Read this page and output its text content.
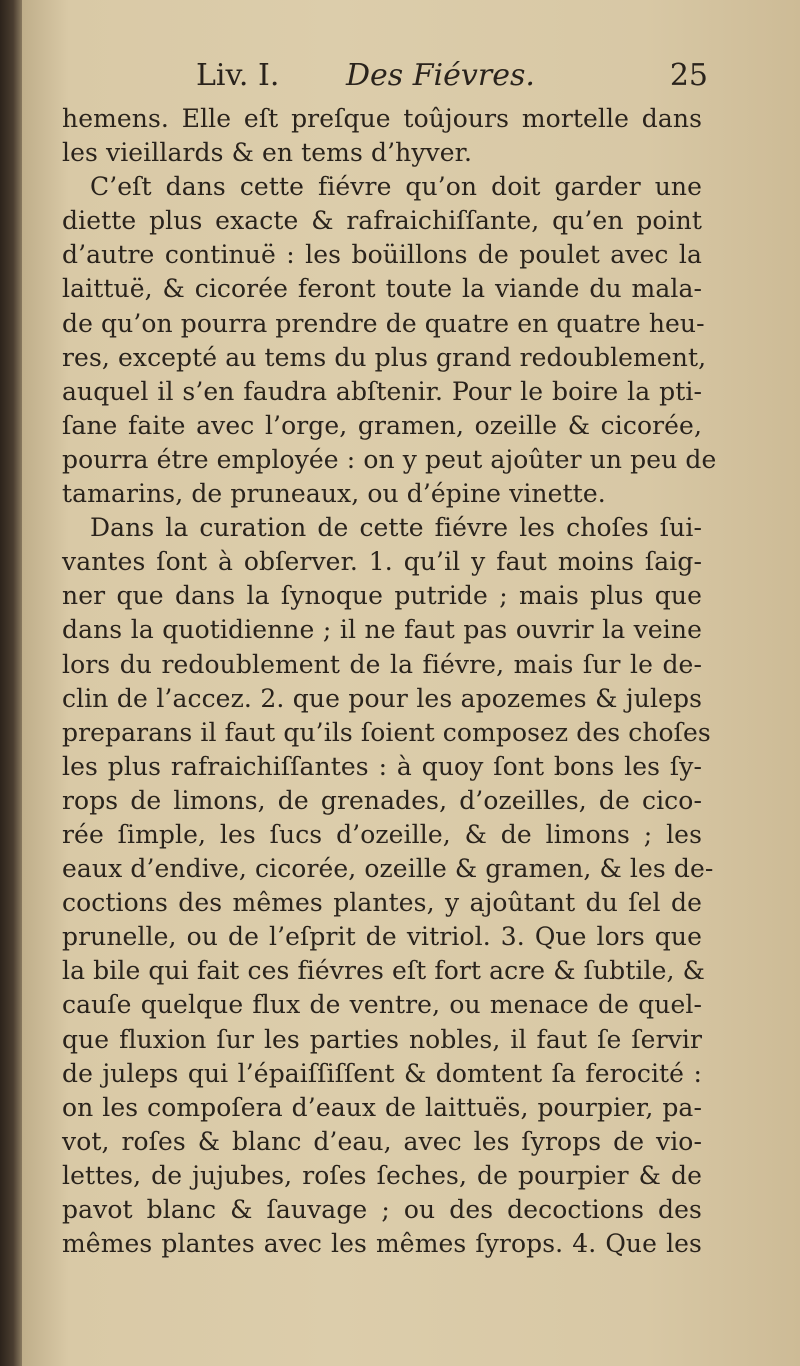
Liv. I. Des Fiévres.	25
hemens. Elle eſt preſque toûjours mortelle dans
les vieillards & en tems d’hyver.
C’eſt dans cette fiévre qu’on doit garder une
diette plus exacte & rafraichiſſante, qu’en point
d’autre continuë : les boüillons de poulet avec la
laittuë, & cicorée feront toute la viande du mala-
de qu’on pourra prendre de quatre en quatre heu-
res, excepté au tems du plus grand redoublement,
auquel il s’en faudra abſtenir. Pour le boire la pti-
ſane faite avec l’orge, gramen, ozeille & cicorée,
pourra étre employée : on y peut ajoûter un peu de
tamarins, de pruneaux, ou d’épine vinette.
Dans la curation de cette fiévre les choſes ſui-
vantes ſont à obſerver. 1. qu’il y faut moins ſaig-
ner que dans la ſynoque putride ; mais plus que
dans la quotidienne ; il ne faut pas ouvrir la veine
lors du redoublement de la fiévre, mais ſur le de-
clin de l’accez. 2. que pour les apozemes & juleps
preparans il faut qu’ils ſoient composez des choſes
les plus rafraichiſſantes : à quoy ſont bons les ſy-
rops de limons, de grenades, d’ozeilles, de cico-
rée ſimple, les ſucs d’ozeille, & de limons ; les
eaux d’endive, cicorée, ozeille & gramen, & les de-
coctions des mêmes plantes, y ajoûtant du ſel de
prunelle, ou de l’eſprit de vitriol. 3. Que lors que
la bile qui fait ces fiévres eſt fort acre & ſubtile, &
cauſe quelque flux de ventre, ou menace de quel-
que fluxion ſur les parties nobles, il faut ſe ſervir
de juleps qui l’épaiſſiſſent & domtent ſa ferocité :
on les compoſera d’eaux de laittuës, pourpier, pa-
vot, roſes & blanc d’eau, avec les ſyrops de vio-
lettes, de jujubes, roſes ſeches, de pourpier & de
pavot blanc & ſauvage ; ou des decoctions des
mêmes plantes avec les mêmes ſyrops. 4. Que les
